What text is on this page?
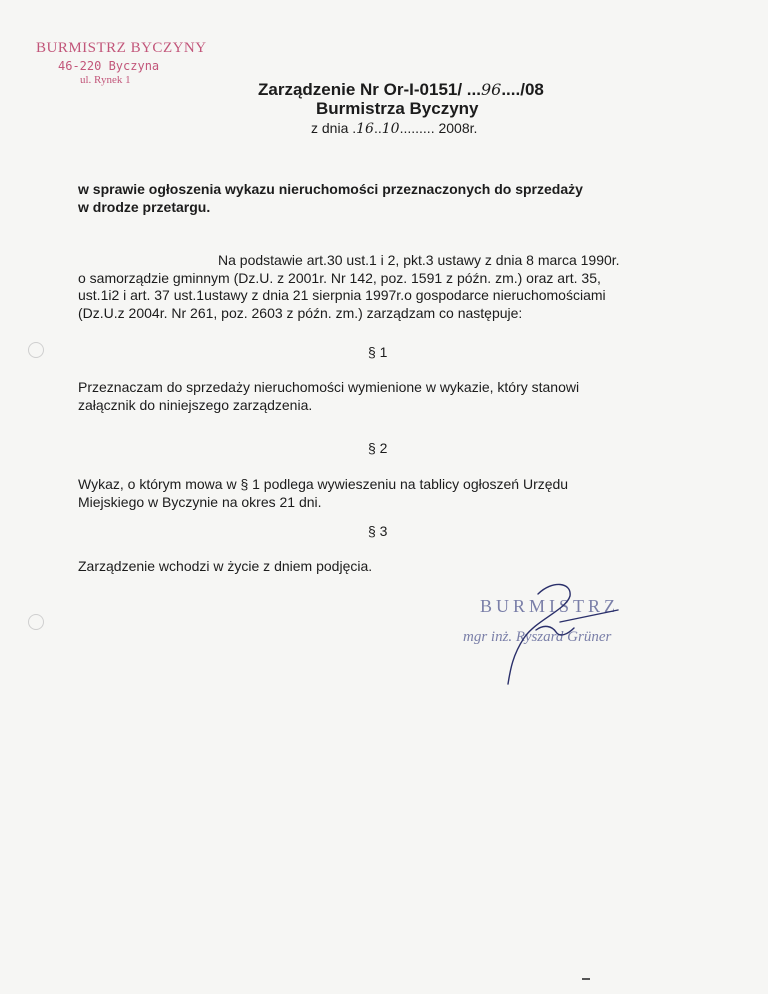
BURMISTRZ BYCZYNY
46-220 Byczyna
ul. Rynek 1	Zarządzenie Nr Or-I-0151/ ...96..../08
Burmistrza Byczyny
z dnia .16..10......... 2008r.
w sprawie ogłoszenia wykazu nieruchomości przeznaczonych do sprzedaży
w drodze przetargu.
Na podstawie art.30 ust.1 i 2, pkt.3 ustawy z dnia 8 marca 1990r.
o samorządzie gminnym (Dz.U. z 2001r. Nr 142, poz. 1591 z późn. zm.) oraz art. 35,
ust.1i2 i art. 37 ust.1ustawy z dnia 21 sierpnia 1997r.o gospodarce nieruchomościami
(Dz.U.z 2004r. Nr 261, poz. 2603 z późn. zm.) zarządzam co następuje:
§ 1
Przeznaczam do sprzedaży nieruchomości wymienione w wykazie, który stanowi
załącznik do niniejszego zarządzenia.
§ 2
Wykaz, o którym mowa w § 1 podlega wywieszeniu na tablicy ogłoszeń Urzędu
Miejskiego w Byczynie na okres 21 dni.
§ 3
Zarządzenie wchodzi w życie z dniem podjęcia.
BURMISTRZ
mgr inż. Ryszard Grüner
